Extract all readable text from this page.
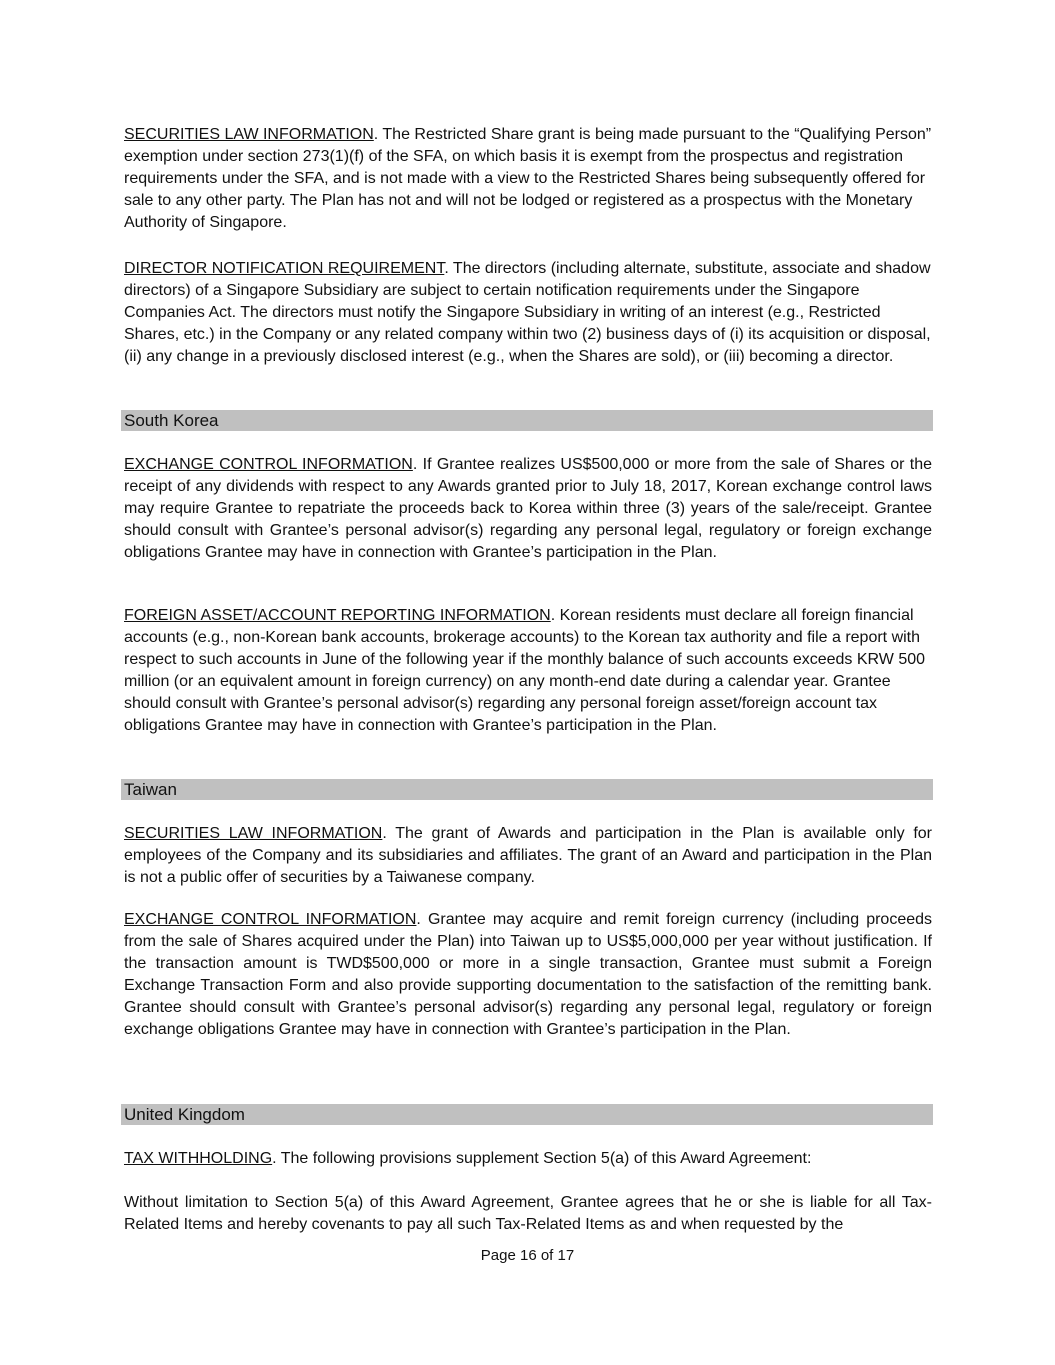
SECURITIES LAW INFORMATION. The Restricted Share grant is being made pursuant to the “Qualifying Person” exemption under section 273(1)(f) of the SFA, on which basis it is exempt from the prospectus and registration requirements under the SFA, and is not made with a view to the Restricted Shares being subsequently offered for sale to any other party. The Plan has not and will not be lodged or registered as a prospectus with the Monetary Authority of Singapore.

DIRECTOR NOTIFICATION REQUIREMENT. The directors (including alternate, substitute, associate and shadow directors) of a Singapore Subsidiary are subject to certain notification requirements under the Singapore Companies Act. The directors must notify the Singapore Subsidiary in writing of an interest (e.g., Restricted Shares, etc.) in the Company or any related company within two (2) business days of (i) its acquisition or disposal, (ii) any change in a previously disclosed interest (e.g., when the Shares are sold), or (iii) becoming a director.

South Korea

EXCHANGE CONTROL INFORMATION. If Grantee realizes US$500,000 or more from the sale of Shares or the receipt of any dividends with respect to any Awards granted prior to July 18, 2017, Korean exchange control laws may require Grantee to repatriate the proceeds back to Korea within three (3) years of the sale/receipt. Grantee should consult with Grantee’s personal advisor(s) regarding any personal legal, regulatory or foreign exchange obligations Grantee may have in connection with Grantee’s participation in the Plan.

FOREIGN ASSET/ACCOUNT REPORTING INFORMATION. Korean residents must declare all foreign financial accounts (e.g., non-Korean bank accounts, brokerage accounts) to the Korean tax authority and file a report with respect to such accounts in June of the following year if the monthly balance of such accounts exceeds KRW 500 million (or an equivalent amount in foreign currency) on any month-end date during a calendar year. Grantee should consult with Grantee’s personal advisor(s) regarding any personal foreign asset/foreign account tax obligations Grantee may have in connection with Grantee’s participation in the Plan.

Taiwan

SECURITIES LAW INFORMATION. The grant of Awards and participation in the Plan is available only for employees of the Company and its subsidiaries and affiliates. The grant of an Award and participation in the Plan is not a public offer of securities by a Taiwanese company.

EXCHANGE CONTROL INFORMATION. Grantee may acquire and remit foreign currency (including proceeds from the sale of Shares acquired under the Plan) into Taiwan up to US$5,000,000 per year without justification. If the transaction amount is TWD$500,000 or more in a single transaction, Grantee must submit a Foreign Exchange Transaction Form and also provide supporting documentation to the satisfaction of the remitting bank. Grantee should consult with Grantee’s personal advisor(s) regarding any personal legal, regulatory or foreign exchange obligations Grantee may have in connection with Grantee’s participation in the Plan.

United Kingdom

TAX WITHHOLDING. The following provisions supplement Section 5(a) of this Award Agreement:

Without limitation to Section 5(a) of this Award Agreement, Grantee agrees that he or she is liable for all Tax-Related Items and hereby covenants to pay all such Tax-Related Items as and when requested by the

Page 16 of 17
